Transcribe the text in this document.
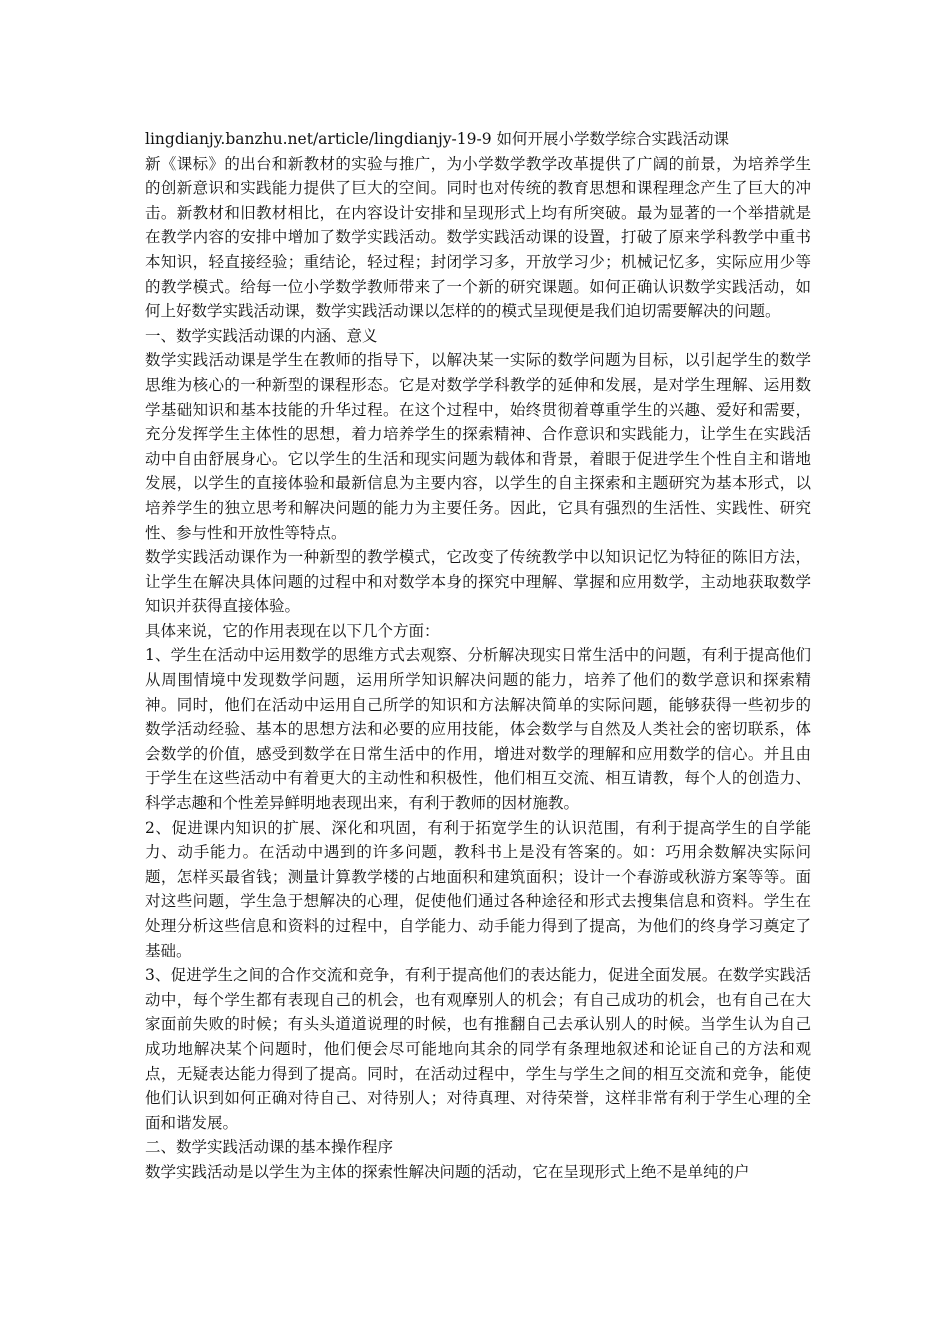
lingdianjy.banzhu.net/article/lingdianjy-19-9 如何开展小学数学综合实践活动课

新《课标》的出台和新教材的实验与推广，为小学数学教学改革提供了广阔的前景，为培养学生的创新意识和实践能力提供了巨大的空间。同时也对传统的教育思想和课程理念产生了巨大的冲击。新教材和旧教材相比，在内容设计安排和呈现形式上均有所突破。最为显著的一个举措就是在教学内容的安排中增加了数学实践活动。数学实践活动课的设置，打破了原来学科教学中重书本知识，轻直接经验；重结论，轻过程；封闭学习多，开放学习少；机械记忆多，实际应用少等的教学模式。给每一位小学数学教师带来了一个新的研究课题。如何正确认识数学实践活动，如何上好数学实践活动课，数学实践活动课以怎样的的模式呈现便是我们迫切需要解决的问题。

一、数学实践活动课的内涵、意义

数学实践活动课是学生在教师的指导下，以解决某一实际的数学问题为目标，以引起学生的数学思维为核心的一种新型的课程形态。它是对数学学科教学的延伸和发展，是对学生理解、运用数学基础知识和基本技能的升华过程。在这个过程中，始终贯彻着尊重学生的兴趣、爱好和需要，充分发挥学生主体性的思想，着力培养学生的探索精神、合作意识和实践能力，让学生在实践活动中自由舒展身心。它以学生的生活和现实问题为载体和背景，着眼于促进学生个性自主和谐地发展，以学生的直接体验和最新信息为主要内容，以学生的自主探索和主题研究为基本形式，以培养学生的独立思考和解决问题的能力为主要任务。因此，它具有强烈的生活性、实践性、研究性、参与性和开放性等特点。

数学实践活动课作为一种新型的教学模式，它改变了传统教学中以知识记忆为特征的陈旧方法，让学生在解决具体问题的过程中和对数学本身的探究中理解、掌握和应用数学，主动地获取数学知识并获得直接体验。

具体来说，它的作用表现在以下几个方面：

1、学生在活动中运用数学的思维方式去观察、分析解决现实日常生活中的问题，有利于提高他们从周围情境中发现数学问题，运用所学知识解决问题的能力，培养了他们的数学意识和探索精神。同时，他们在活动中运用自己所学的知识和方法解决简单的实际问题，能够获得一些初步的数学活动经验、基本的思想方法和必要的应用技能，体会数学与自然及人类社会的密切联系，体会数学的价值，感受到数学在日常生活中的作用，增进对数学的理解和应用数学的信心。并且由于学生在这些活动中有着更大的主动性和积极性，他们相互交流、相互请教，每个人的创造力、科学志趣和个性差异鲜明地表现出来，有利于教师的因材施教。

2、促进课内知识的扩展、深化和巩固，有利于拓宽学生的认识范围，有利于提高学生的自学能力、动手能力。在活动中遇到的许多问题，教科书上是没有答案的。如：巧用余数解决实际问题，怎样买最省钱；测量计算教学楼的占地面积和建筑面积；设计一个春游或秋游方案等等。面对这些问题，学生急于想解决的心理，促使他们通过各种途径和形式去搜集信息和资料。学生在处理分析这些信息和资料的过程中，自学能力、动手能力得到了提高，为他们的终身学习奠定了基础。

3、促进学生之间的合作交流和竞争，有利于提高他们的表达能力，促进全面发展。在数学实践活动中，每个学生都有表现自己的机会，也有观摩别人的机会；有自己成功的机会，也有自己在大家面前失败的时候；有头头道道说理的时候，也有推翻自己去承认别人的时候。当学生认为自己成功地解决某个问题时，他们便会尽可能地向其余的同学有条理地叙述和论证自己的方法和观点，无疑表达能力得到了提高。同时，在活动过程中，学生与学生之间的相互交流和竞争，能使他们认识到如何正确对待自己、对待别人；对待真理、对待荣誉，这样非常有利于学生心理的全面和谐发展。

二、数学实践活动课的基本操作程序

数学实践活动是以学生为主体的探索性解决问题的活动，它在呈现形式上绝不是单纯的户
